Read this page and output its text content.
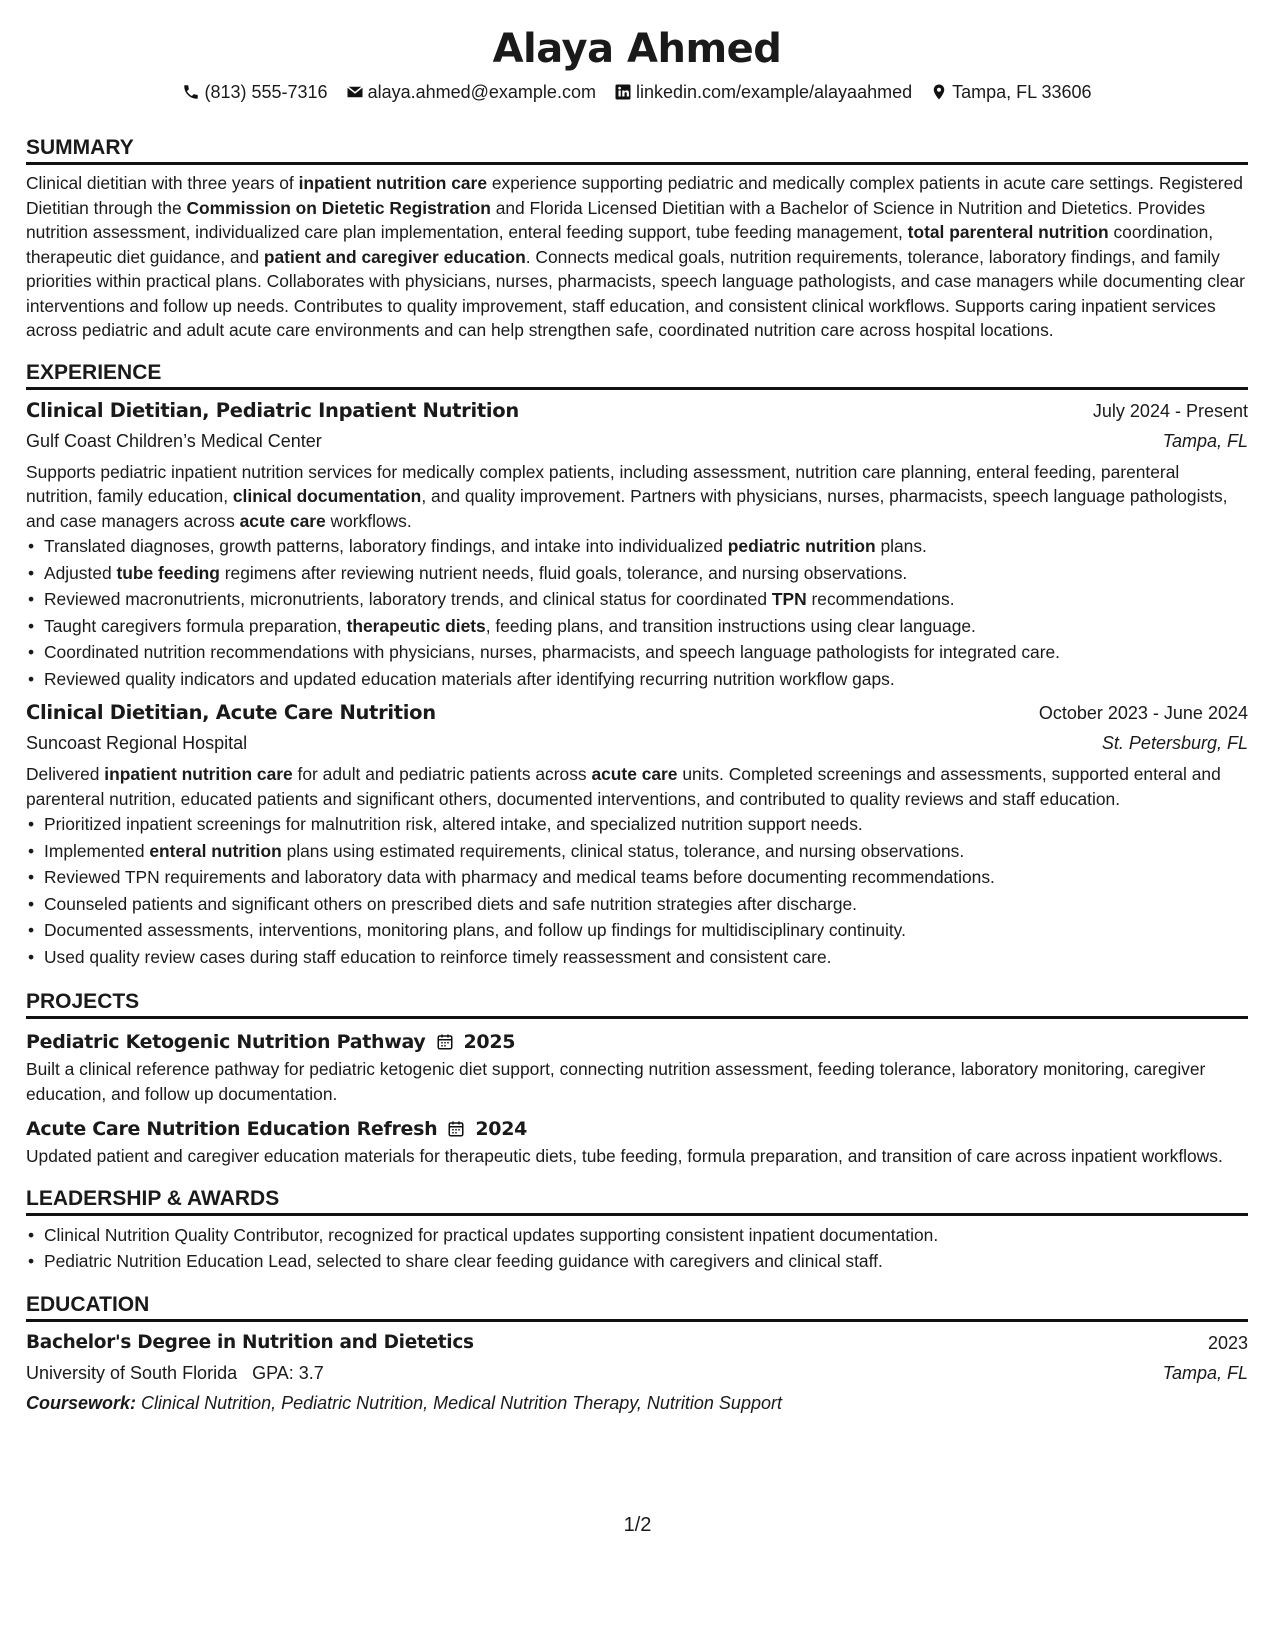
Alaya Ahmed
(813) 555-7316 alaya.ahmed@example.com linkedin.com/example/alayaahmed Tampa, FL 33606
SUMMARY

Clinical dietitian with three years of inpatient nutrition care experience supporting pediatric and medically complex patients in acute care settings. Registered Dietitian through the Commission on Dietetic Registration and Florida Licensed Dietitian with a Bachelor of Science in Nutrition and Dietetics. Provides nutrition assessment, individualized care plan implementation, enteral feeding support, tube feeding management, total parenteral nutrition coordination, therapeutic diet guidance, and patient and caregiver education. Connects medical goals, nutrition requirements, tolerance, laboratory findings, and family priorities within practical plans. Collaborates with physicians, nurses, pharmacists, speech language pathologists, and case managers while documenting clear interventions and follow up needs. Contributes to quality improvement, staff education, and consistent clinical workflows. Supports caring inpatient services across pediatric and adult acute care environments and can help strengthen safe, coordinated nutrition care across hospital locations.

EXPERIENCE
Clinical Dietitian, Pediatric Inpatient Nutrition	July 2024 - Present
Gulf Coast Children’s Medical Center	Tampa, FL

Supports pediatric inpatient nutrition services for medically complex patients, including assessment, nutrition care planning, enteral feeding, parenteral nutrition, family education, clinical documentation, and quality improvement. Partners with physicians, nurses, pharmacists, speech language pathologists, and case managers across acute care workflows.

• Translated diagnoses, growth patterns, laboratory findings, and intake into individualized pediatric nutrition plans.
• Adjusted tube feeding regimens after reviewing nutrient needs, fluid goals, tolerance, and nursing observations.
• Reviewed macronutrients, micronutrients, laboratory trends, and clinical status for coordinated TPN recommendations.
• Taught caregivers formula preparation, therapeutic diets, feeding plans, and transition instructions using clear language.
• Coordinated nutrition recommendations with physicians, nurses, pharmacists, and speech language pathologists for integrated care.
• Reviewed quality indicators and updated education materials after identifying recurring nutrition workflow gaps.
Clinical Dietitian, Acute Care Nutrition	October 2023 - June 2024
Suncoast Regional Hospital	St. Petersburg, FL

Delivered inpatient nutrition care for adult and pediatric patients across acute care units. Completed screenings and assessments, supported enteral and parenteral nutrition, educated patients and significant others, documented interventions, and contributed to quality reviews and staff education.

• Prioritized inpatient screenings for malnutrition risk, altered intake, and specialized nutrition support needs.
• Implemented enteral nutrition plans using estimated requirements, clinical status, tolerance, and nursing observations.
• Reviewed TPN requirements and laboratory data with pharmacy and medical teams before documenting recommendations.
• Counseled patients and significant others on prescribed diets and safe nutrition strategies after discharge.
• Documented assessments, interventions, monitoring plans, and follow up findings for multidisciplinary continuity.
• Used quality review cases during staff education to reinforce timely reassessment and consistent care.
PROJECTS
Pediatric Ketogenic Nutrition Pathway 2025

Built a clinical reference pathway for pediatric ketogenic diet support, connecting nutrition assessment, feeding tolerance, laboratory monitoring, caregiver education, and follow up documentation.

Acute Care Nutrition Education Refresh 2024

Updated patient and caregiver education materials for therapeutic diets, tube feeding, formula preparation, and transition of care across inpatient workflows.

LEADERSHIP & AWARDS
• Clinical Nutrition Quality Contributor, recognized for practical updates supporting consistent inpatient documentation.
• Pediatric Nutrition Education Lead, selected to share clear feeding guidance with caregivers and clinical staff.
EDUCATION
Bachelor's Degree in Nutrition and Dietetics	2023
University of South Florida GPA: 3.7	Tampa, FL
Coursework: Clinical Nutrition, Pediatric Nutrition, Medical Nutrition Therapy, Nutrition Support
1/2
